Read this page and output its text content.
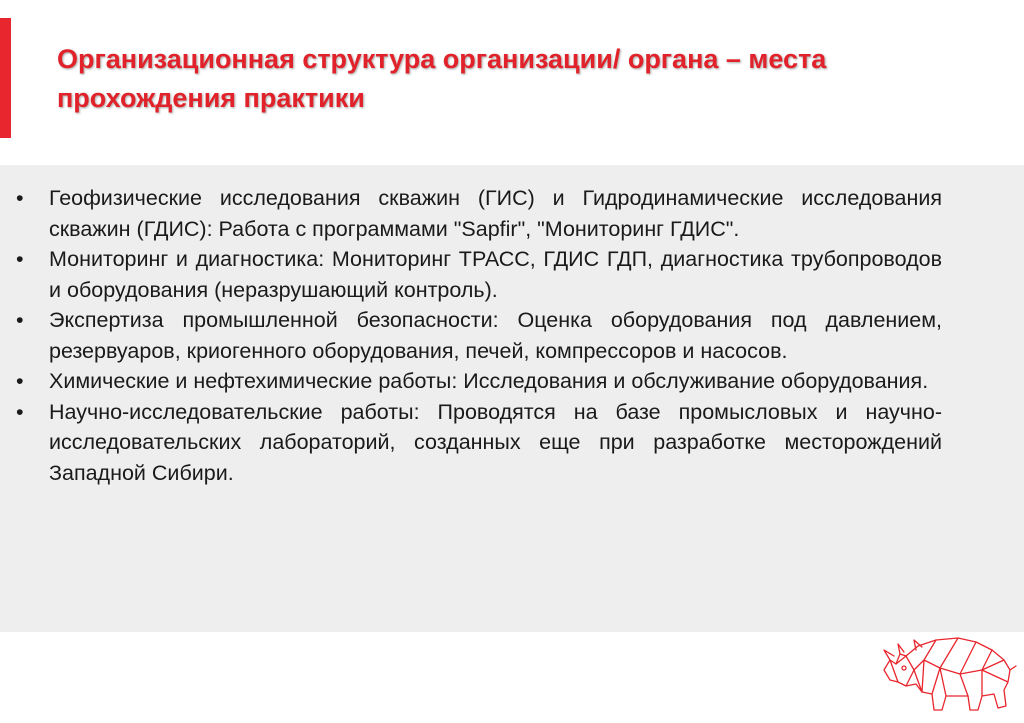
Организационная структура организации/ органа – места прохождения практики
• Геофизические исследования скважин (ГИС) и Гидродинамические исследования скважин (ГДИС): Работа с программами "Sapfir", "Мониторинг ГДИС".
• Мониторинг и диагностика: Мониторинг ТРАСС, ГДИС ГДП, диагностика трубопроводов и оборудования (неразрушающий контроль).
• Экспертиза промышленной безопасности: Оценка оборудования под давлением, резервуаров, криогенного оборудования, печей, компрессоров и насосов.
• Химические и нефтехимические работы: Исследования и обслуживание оборудования.
• Научно-исследовательские работы: Проводятся на базе промысловых и научно-исследовательских лабораторий, созданных еще при разработке месторождений Западной Сибири.
